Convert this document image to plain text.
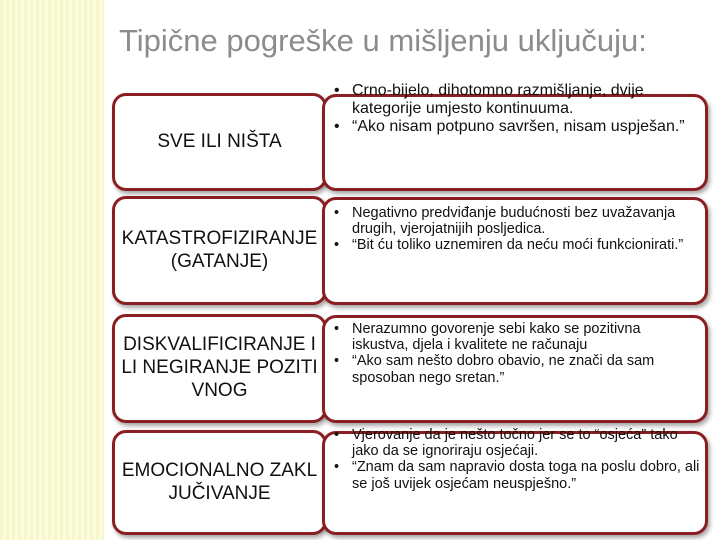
Tipične pogreške u mišljenju uključuju:
SVE ILI NIŠTA
• Crno-bijelo, dihotomno razmišljanje, dvije kategorije umjesto kontinuuma.
• “Ako nisam potpuno savršen, nisam uspješan.”
KATASTROFIZIRANJE (GATANJE)
• Negativno predviđanje budućnosti bez uvažavanja drugih, vjerojatnijih posljedica.
• “Bit ću toliko uznemiren da neću moći funkcionirati.”
DISKVALIFICIRANJE ILI NEGIRANJE POZITIVNOG
• Nerazumno govorenje sebi kako se pozitivna iskustva, djela i kvalitete ne računaju
• “Ako sam nešto dobro obavio, ne znači da sam sposoban nego sretan.”
EMOCIONALNO ZAKLJUČIVANJE
• Vjerovanje da je nešto točno jer se to “osjeća” tako jako da se ignoriraju osjećaji.
• “Znam da sam napravio dosta toga na poslu dobro, ali se još uvijek osjećam neuspješno.”
